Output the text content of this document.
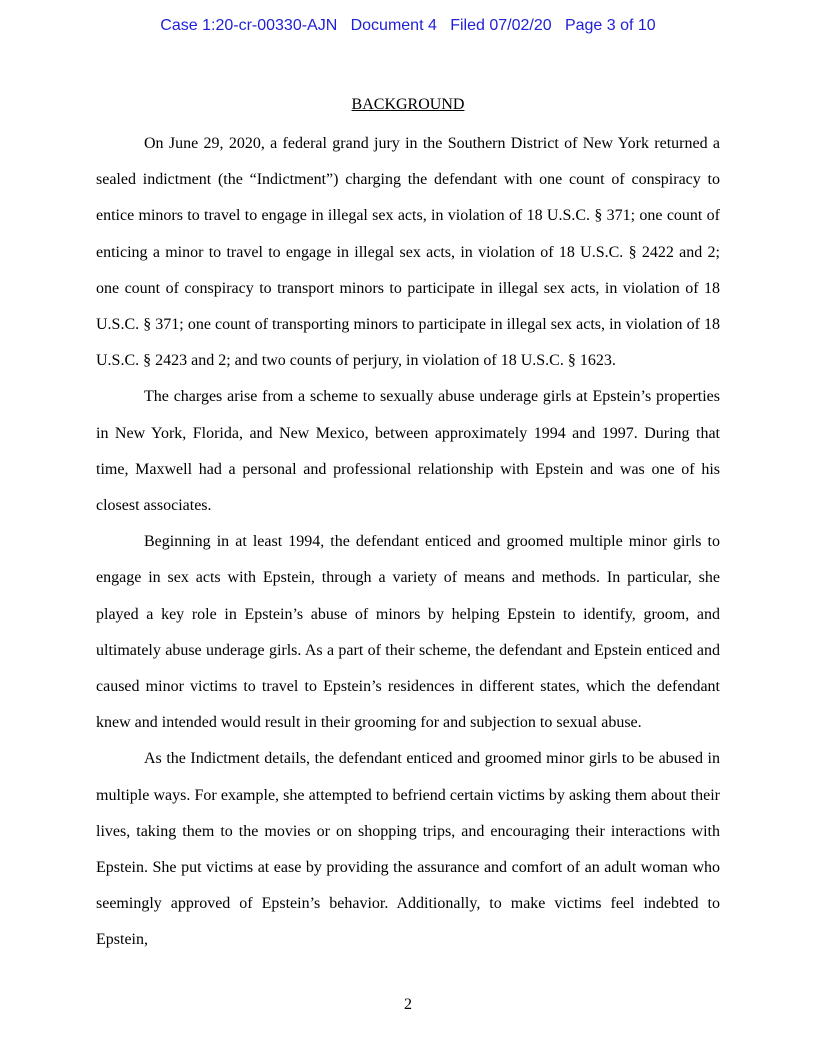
Case 1:20-cr-00330-AJN   Document 4   Filed 07/02/20   Page 3 of 10
BACKGROUND

On June 29, 2020, a federal grand jury in the Southern District of New York returned a sealed indictment (the “Indictment”) charging the defendant with one count of conspiracy to entice minors to travel to engage in illegal sex acts, in violation of 18 U.S.C. § 371; one count of enticing a minor to travel to engage in illegal sex acts, in violation of 18 U.S.C. § 2422 and 2; one count of conspiracy to transport minors to participate in illegal sex acts, in violation of 18 U.S.C. § 371; one count of transporting minors to participate in illegal sex acts, in violation of 18 U.S.C. § 2423 and 2; and two counts of perjury, in violation of 18 U.S.C. § 1623.

The charges arise from a scheme to sexually abuse underage girls at Epstein’s properties in New York, Florida, and New Mexico, between approximately 1994 and 1997. During that time, Maxwell had a personal and professional relationship with Epstein and was one of his closest associates.

Beginning in at least 1994, the defendant enticed and groomed multiple minor girls to engage in sex acts with Epstein, through a variety of means and methods. In particular, she played a key role in Epstein’s abuse of minors by helping Epstein to identify, groom, and ultimately abuse underage girls. As a part of their scheme, the defendant and Epstein enticed and caused minor victims to travel to Epstein’s residences in different states, which the defendant knew and intended would result in their grooming for and subjection to sexual abuse.

As the Indictment details, the defendant enticed and groomed minor girls to be abused in multiple ways. For example, she attempted to befriend certain victims by asking them about their lives, taking them to the movies or on shopping trips, and encouraging their interactions with Epstein. She put victims at ease by providing the assurance and comfort of an adult woman who seemingly approved of Epstein’s behavior. Additionally, to make victims feel indebted to Epstein,

2
